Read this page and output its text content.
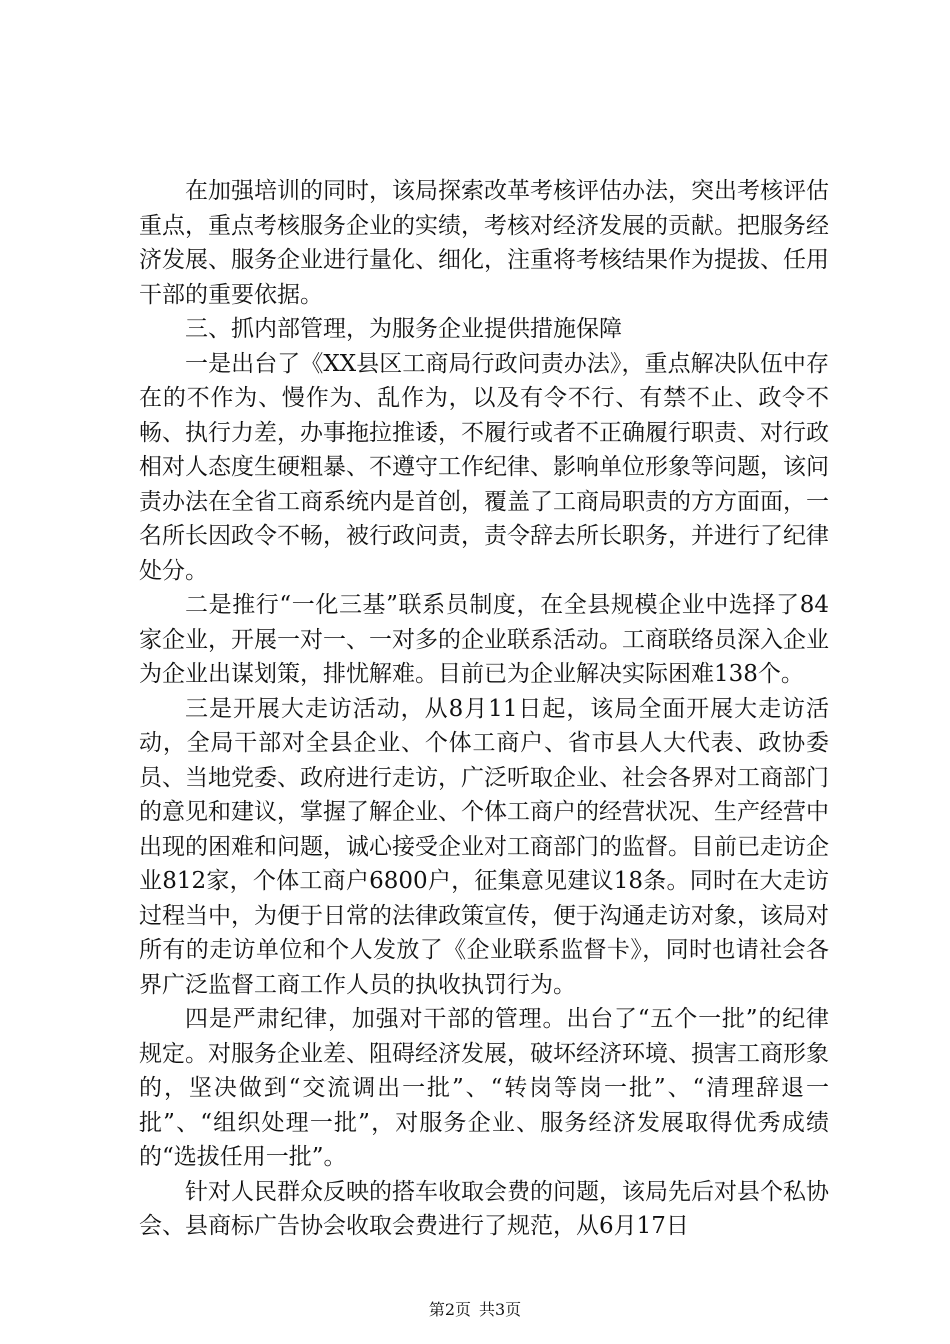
在加强培训的同时，该局探索改革考核评估办法，突出考核评估重点，重点考核服务企业的实绩，考核对经济发展的贡献。把服务经济发展、服务企业进行量化、细化，注重将考核结果作为提拔、任用干部的重要依据。

三、抓内部管理，为服务企业提供措施保障

一是出台了《XX县区工商局行政问责办法》，重点解决队伍中存在的不作为、慢作为、乱作为，以及有令不行、有禁不止、政令不畅、执行力差，办事拖拉推诿，不履行或者不正确履行职责、对行政相对人态度生硬粗暴、不遵守工作纪律、影响单位形象等问题，该问责办法在全省工商系统内是首创，覆盖了工商局职责的方方面面，一名所长因政令不畅，被行政问责，责令辞去所长职务，并进行了纪律处分。

二是推行“一化三基”联系员制度，在全县规模企业中选择了84家企业，开展一对一、一对多的企业联系活动。工商联络员深入企业为企业出谋划策，排忧解难。目前已为企业解决实际困难138个。

三是开展大走访活动，从8月11日起，该局全面开展大走访活动，全局干部对全县企业、个体工商户、省市县人大代表、政协委员、当地党委、政府进行走访，广泛听取企业、社会各界对工商部门的意见和建议，掌握了解企业、个体工商户的经营状况、生产经营中出现的困难和问题，诚心接受企业对工商部门的监督。目前已走访企业812家，个体工商户6800户，征集意见建议18条。同时在大走访过程当中，为便于日常的法律政策宣传，便于沟通走访对象，该局对所有的走访单位和个人发放了《企业联系监督卡》，同时也请社会各界广泛监督工商工作人员的执收执罚行为。

四是严肃纪律，加强对干部的管理。出台了“五个一批”的纪律规定。对服务企业差、阻碍经济发展，破坏经济环境、损害工商形象的，坚决做到“交流调出一批”、“转岗等岗一批”、“清理辞退一批”、“组织处理一批”，对服务企业、服务经济发展取得优秀成绩的“选拔任用一批”。

针对人民群众反映的搭车收取会费的问题，该局先后对县个私协会、县商标广告协会收取会费进行了规范，从6月17日

第2页 共3页
